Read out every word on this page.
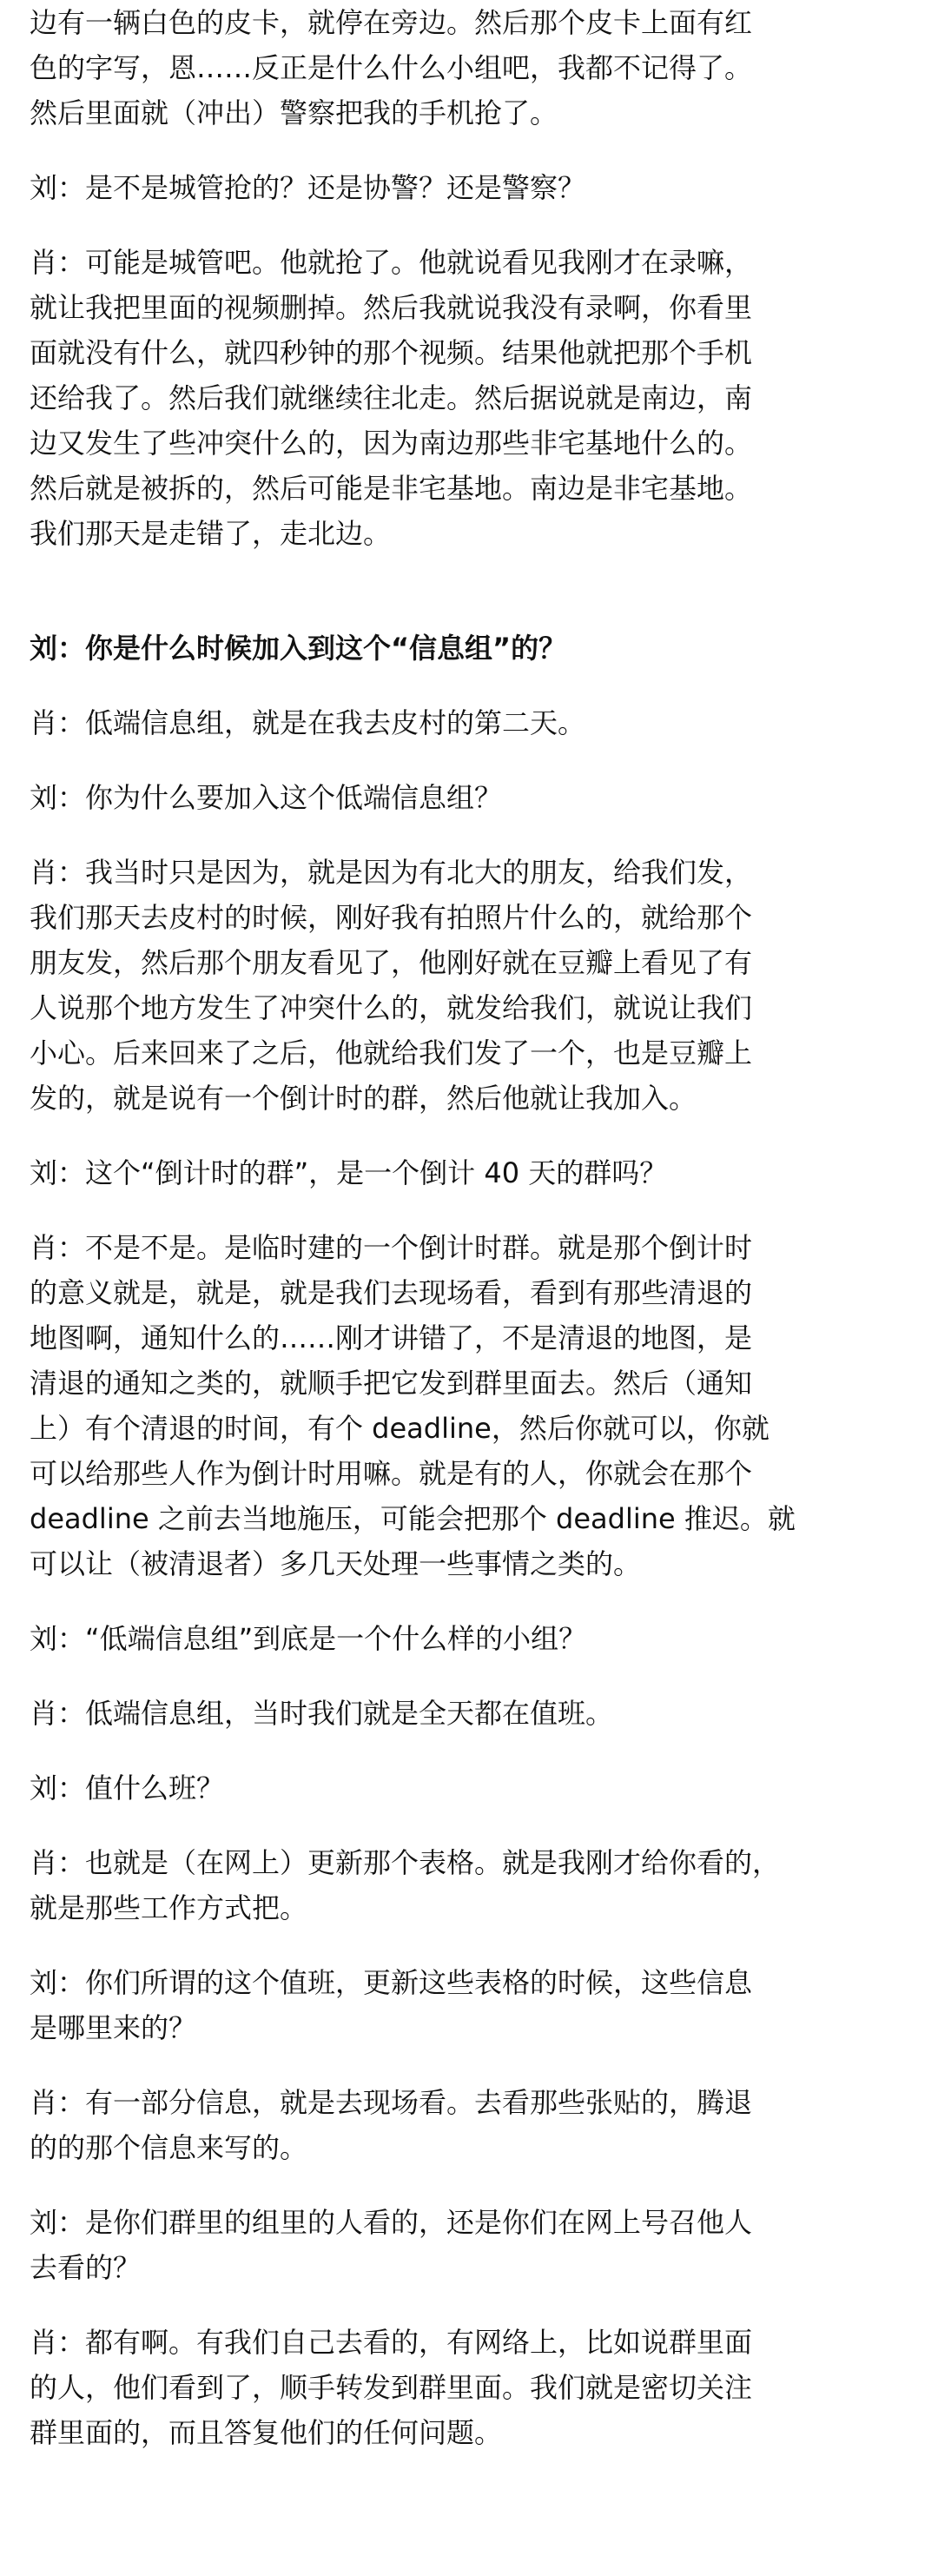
边有一辆白色的皮卡，就停在旁边。然后那个皮卡上面有红
色的字写，恩……反正是什么什么小组吧，我都不记得了。
然后里面就（冲出）警察把我的手机抢了。
刘：是不是城管抢的？还是协警？还是警察？
肖：可能是城管吧。他就抢了。他就说看见我刚才在录嘛，
就让我把里面的视频删掉。然后我就说我没有录啊，你看里
面就没有什么，就四秒钟的那个视频。结果他就把那个手机
还给我了。然后我们就继续往北走。然后据说就是南边，南
边又发生了些冲突什么的，因为南边那些非宅基地什么的。
然后就是被拆的，然后可能是非宅基地。南边是非宅基地。
我们那天是走错了，走北边。
刘：你是什么时候加入到这个“信息组”的？
肖：低端信息组，就是在我去皮村的第二天。
刘：你为什么要加入这个低端信息组？
肖：我当时只是因为，就是因为有北大的朋友，给我们发，
我们那天去皮村的时候，刚好我有拍照片什么的，就给那个
朋友发，然后那个朋友看见了，他刚好就在豆瓣上看见了有
人说那个地方发生了冲突什么的，就发给我们，就说让我们
小心。后来回来了之后，他就给我们发了一个，也是豆瓣上
发的，就是说有一个倒计时的群，然后他就让我加入。
刘：这个“倒计时的群”，是一个倒计 40 天的群吗？
肖：不是不是。是临时建的一个倒计时群。就是那个倒计时
的意义就是，就是，就是我们去现场看，看到有那些清退的
地图啊，通知什么的……刚才讲错了，不是清退的地图，是
清退的通知之类的，就顺手把它发到群里面去。然后（通知
上）有个清退的时间，有个 deadline，然后你就可以，你就
可以给那些人作为倒计时用嘛。就是有的人，你就会在那个
deadline 之前去当地施压，可能会把那个 deadline 推迟。就
可以让（被清退者）多几天处理一些事情之类的。
刘：“低端信息组”到底是一个什么样的小组？
肖：低端信息组，当时我们就是全天都在值班。
刘：值什么班？
肖：也就是（在网上）更新那个表格。就是我刚才给你看的，
就是那些工作方式把。
刘：你们所谓的这个值班，更新这些表格的时候，这些信息
是哪里来的？
肖：有一部分信息，就是去现场看。去看那些张贴的，腾退
的的那个信息来写的。
刘：是你们群里的组里的人看的，还是你们在网上号召他人
去看的？
肖：都有啊。有我们自己去看的，有网络上，比如说群里面
的人，他们看到了，顺手转发到群里面。我们就是密切关注
群里面的，而且答复他们的任何问题。
